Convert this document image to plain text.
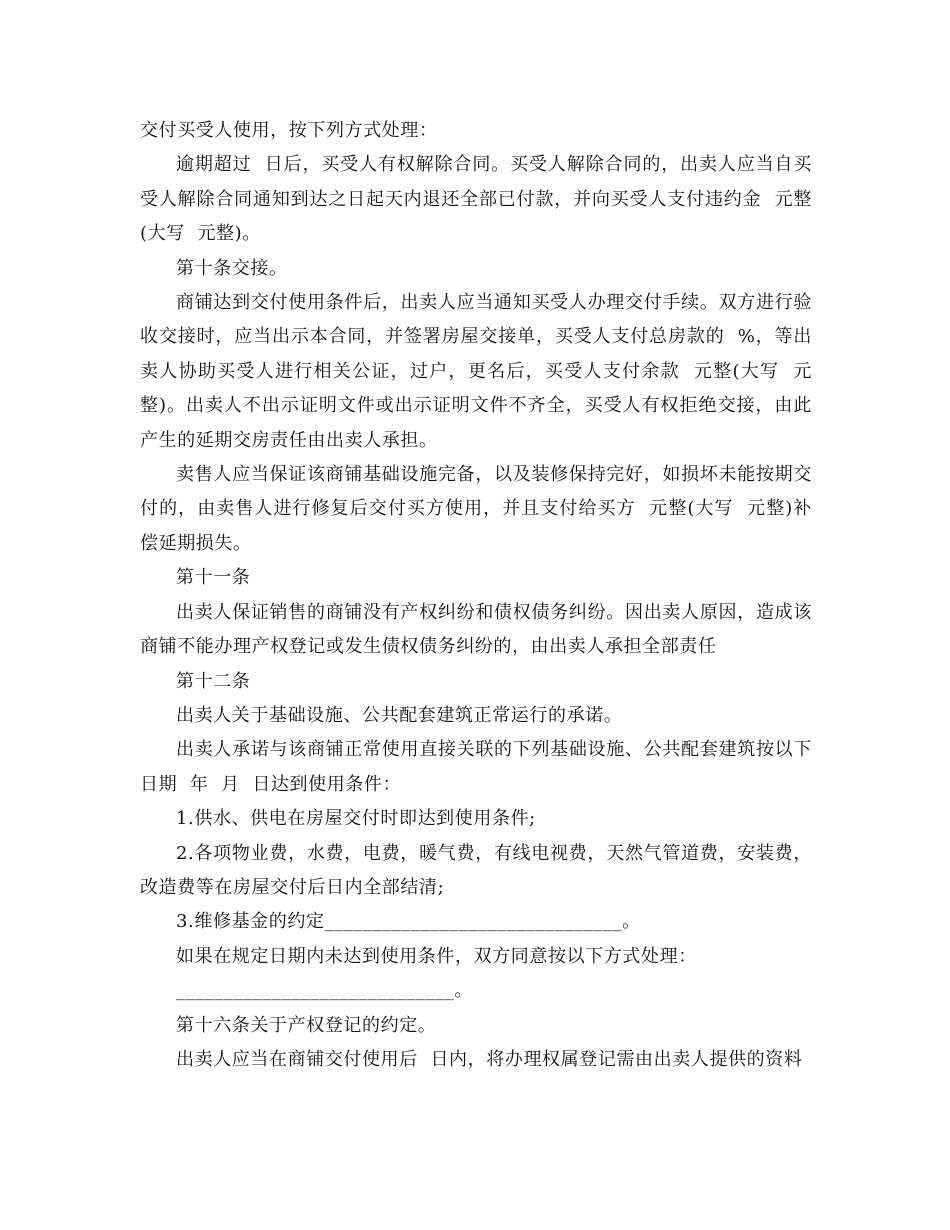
交付买受人使用，按下列方式处理：

逾期超过  日后，买受人有权解除合同。买受人解除合同的，出卖人应当自买受人解除合同通知到达之日起天内退还全部已付款，并向买受人支付违约金  元整(大写  元整)。

第十条交接。

商铺达到交付使用条件后，出卖人应当通知买受人办理交付手续。双方进行验收交接时，应当出示本合同，并签署房屋交接单，买受人支付总房款的  %，等出卖人协助买受人进行相关公证，过户，更名后，买受人支付余款  元整(大写  元整)。出卖人不出示证明文件或出示证明文件不齐全，买受人有权拒绝交接，由此产生的延期交房责任由出卖人承担。

卖售人应当保证该商铺基础设施完备，以及装修保持完好，如损坏未能按期交付的，由卖售人进行修复后交付买方使用，并且支付给买方  元整(大写  元整)补偿延期损失。

第十一条

出卖人保证销售的商铺没有产权纠纷和债权债务纠纷。因出卖人原因，造成该商铺不能办理产权登记或发生债权债务纠纷的，由出卖人承担全部责任

第十二条

出卖人关于基础设施、公共配套建筑正常运行的承诺。

出卖人承诺与该商铺正常使用直接关联的下列基础设施、公共配套建筑按以下日期  年  月  日达到使用条件：

1.供水、供电在房屋交付时即达到使用条件;

2.各项物业费，水费，电费，暖气费，有线电视费，天然气管道费，安装费，改造费等在房屋交付后日内全部结清;

3.维修基金的约定_______________________________。

如果在规定日期内未达到使用条件，双方同意按以下方式处理：

_____________________________。

第十六条关于产权登记的约定。

出卖人应当在商铺交付使用后  日内，将办理权属登记需由出卖人提供的资料
